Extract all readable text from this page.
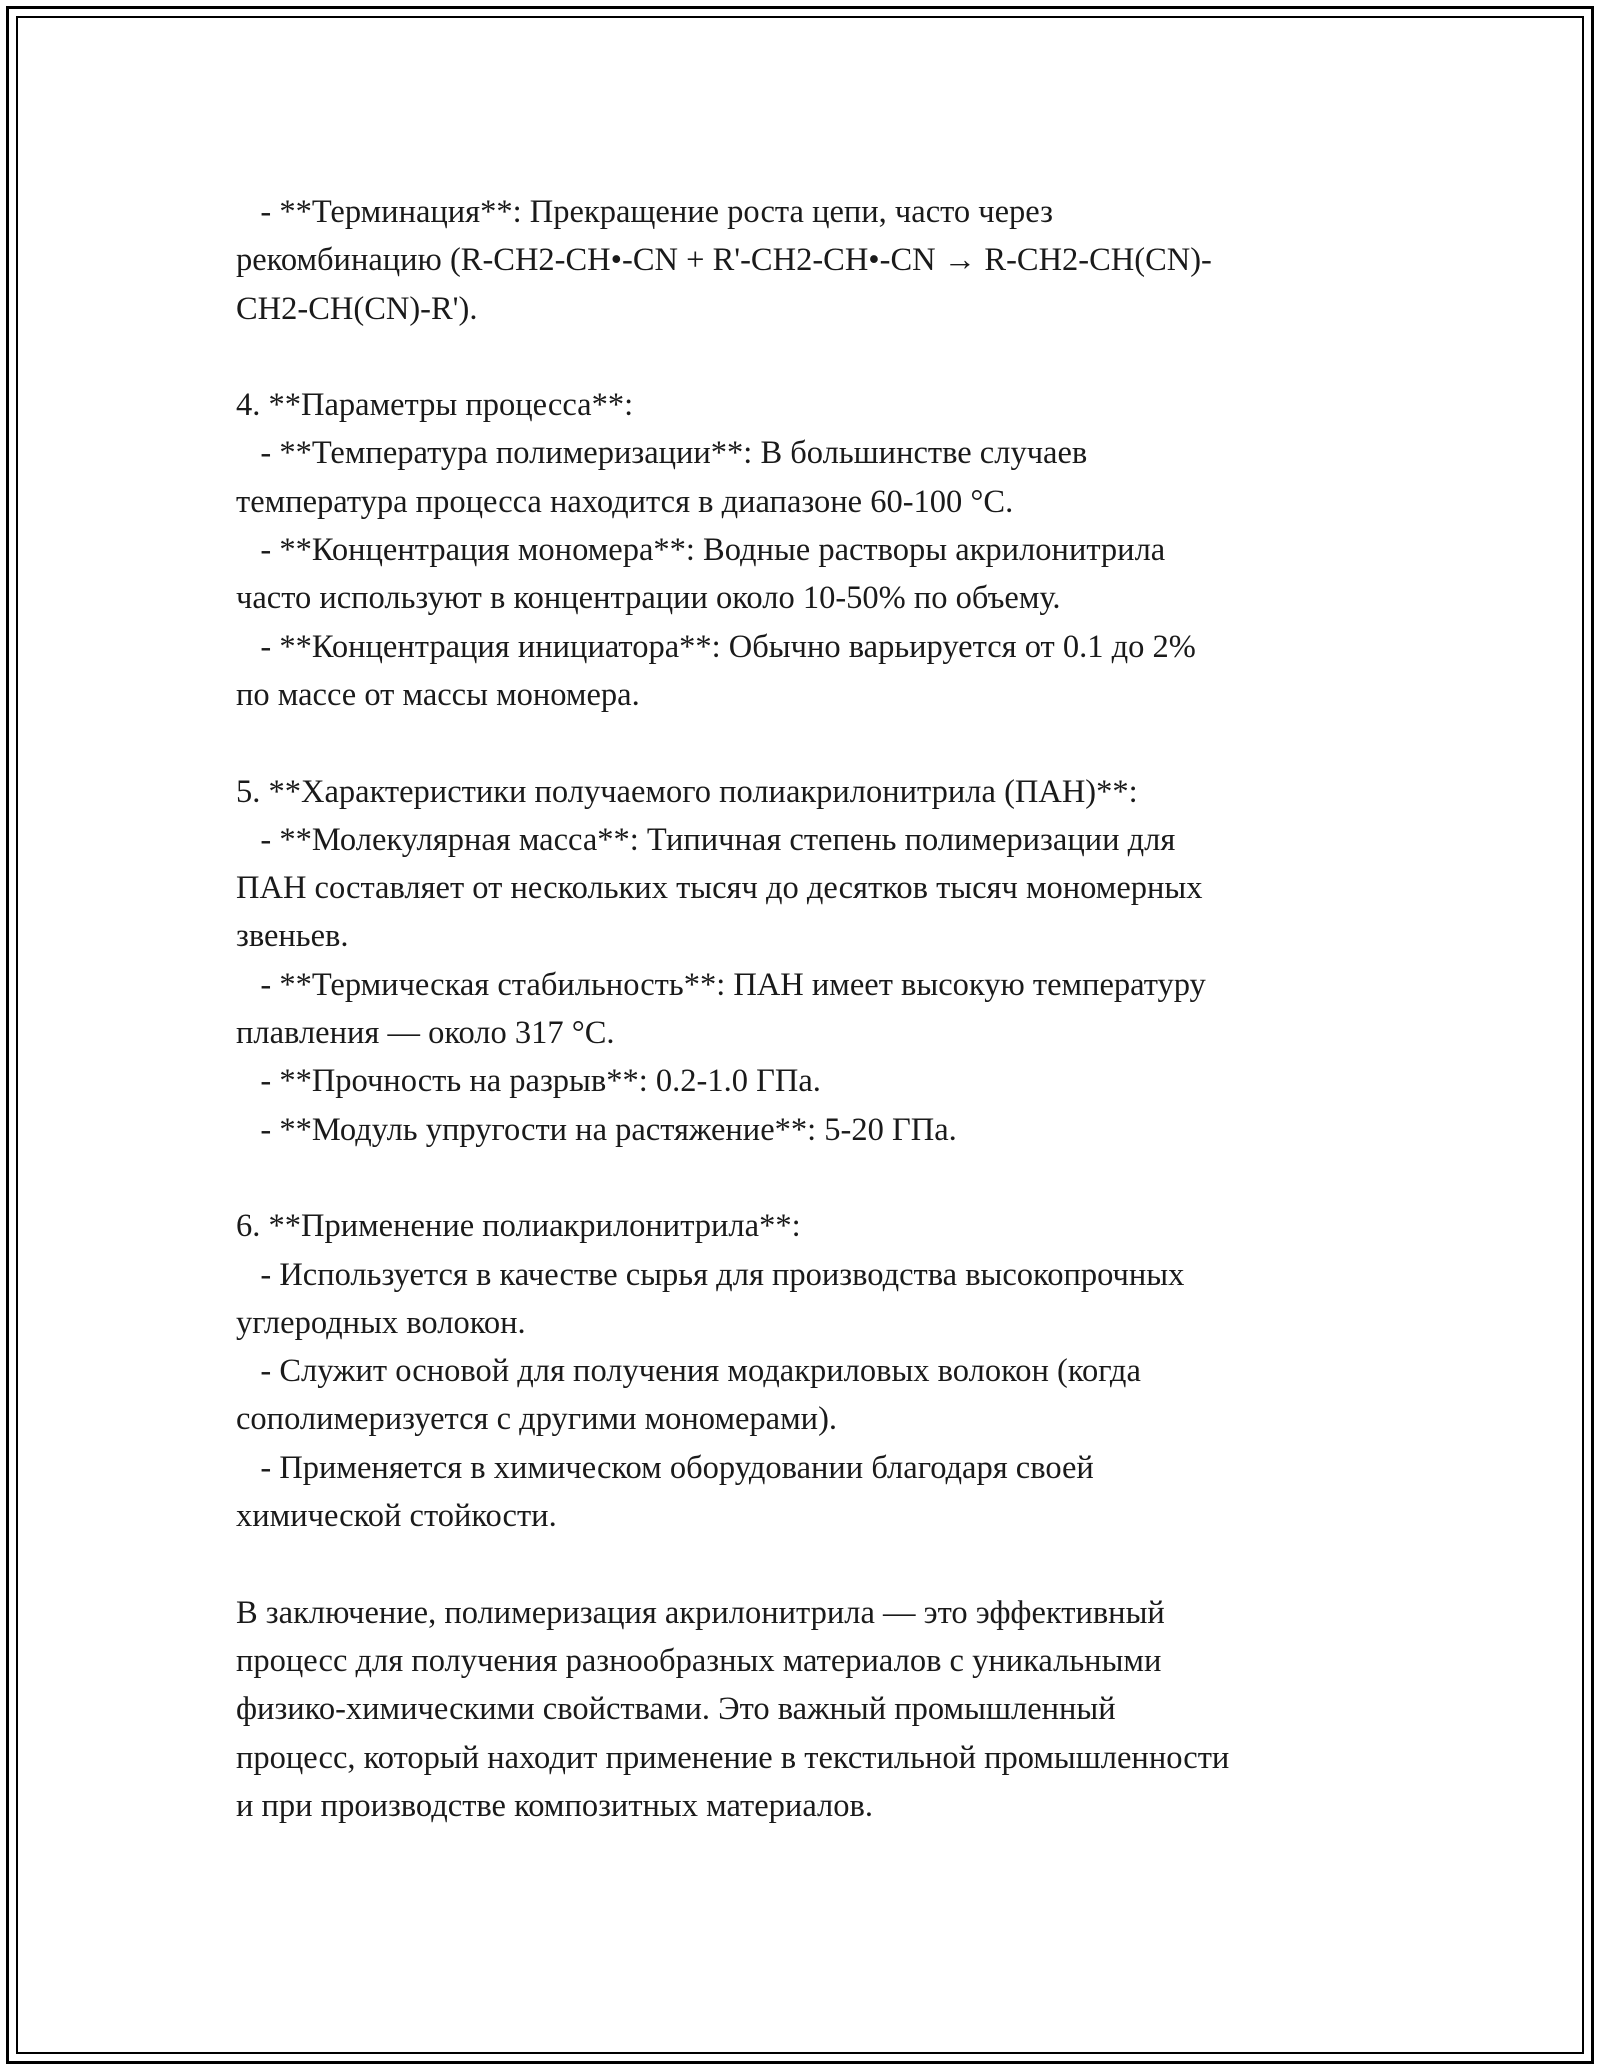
- **Терминация**: Прекращение роста цепи, часто через
рекомбинацию (R-CH2-CH•-CN + R'-CH2-CH•-CN → R-CH2-CH(CN)-
CH2-CH(CN)-R').
4. **Параметры процесса**:
- **Температура полимеризации**: В большинстве случаев
температура процесса находится в диапазоне 60-100 °C.
- **Концентрация мономера**: Водные растворы акрилонитрила
часто используют в концентрации около 10-50% по объему.
- **Концентрация инициатора**: Обычно варьируется от 0.1 до 2%
по массе от массы мономера.
5. **Характеристики получаемого полиакрилонитрила (ПАН)**:
- **Молекулярная масса**: Типичная степень полимеризации для
ПАН составляет от нескольких тысяч до десятков тысяч мономерных
звеньев.
- **Термическая стабильность**: ПАН имеет высокую температуру
плавления — около 317 °C.
- **Прочность на разрыв**: 0.2-1.0 ГПа.
- **Модуль упругости на растяжение**: 5-20 ГПа.
6. **Применение полиакрилонитрила**:
- Используется в качестве сырья для производства высокопрочных
углеродных волокон.
- Служит основой для получения модакриловых волокон (когда
сополимеризуется с другими мономерами).
- Применяется в химическом оборудовании благодаря своей
химической стойкости.
В заключение, полимеризация акрилонитрила — это эффективный
процесс для получения разнообразных материалов с уникальными
физико-химическими свойствами. Это важный промышленный
процесс, который находит применение в текстильной промышленности
и при производстве композитных материалов.
